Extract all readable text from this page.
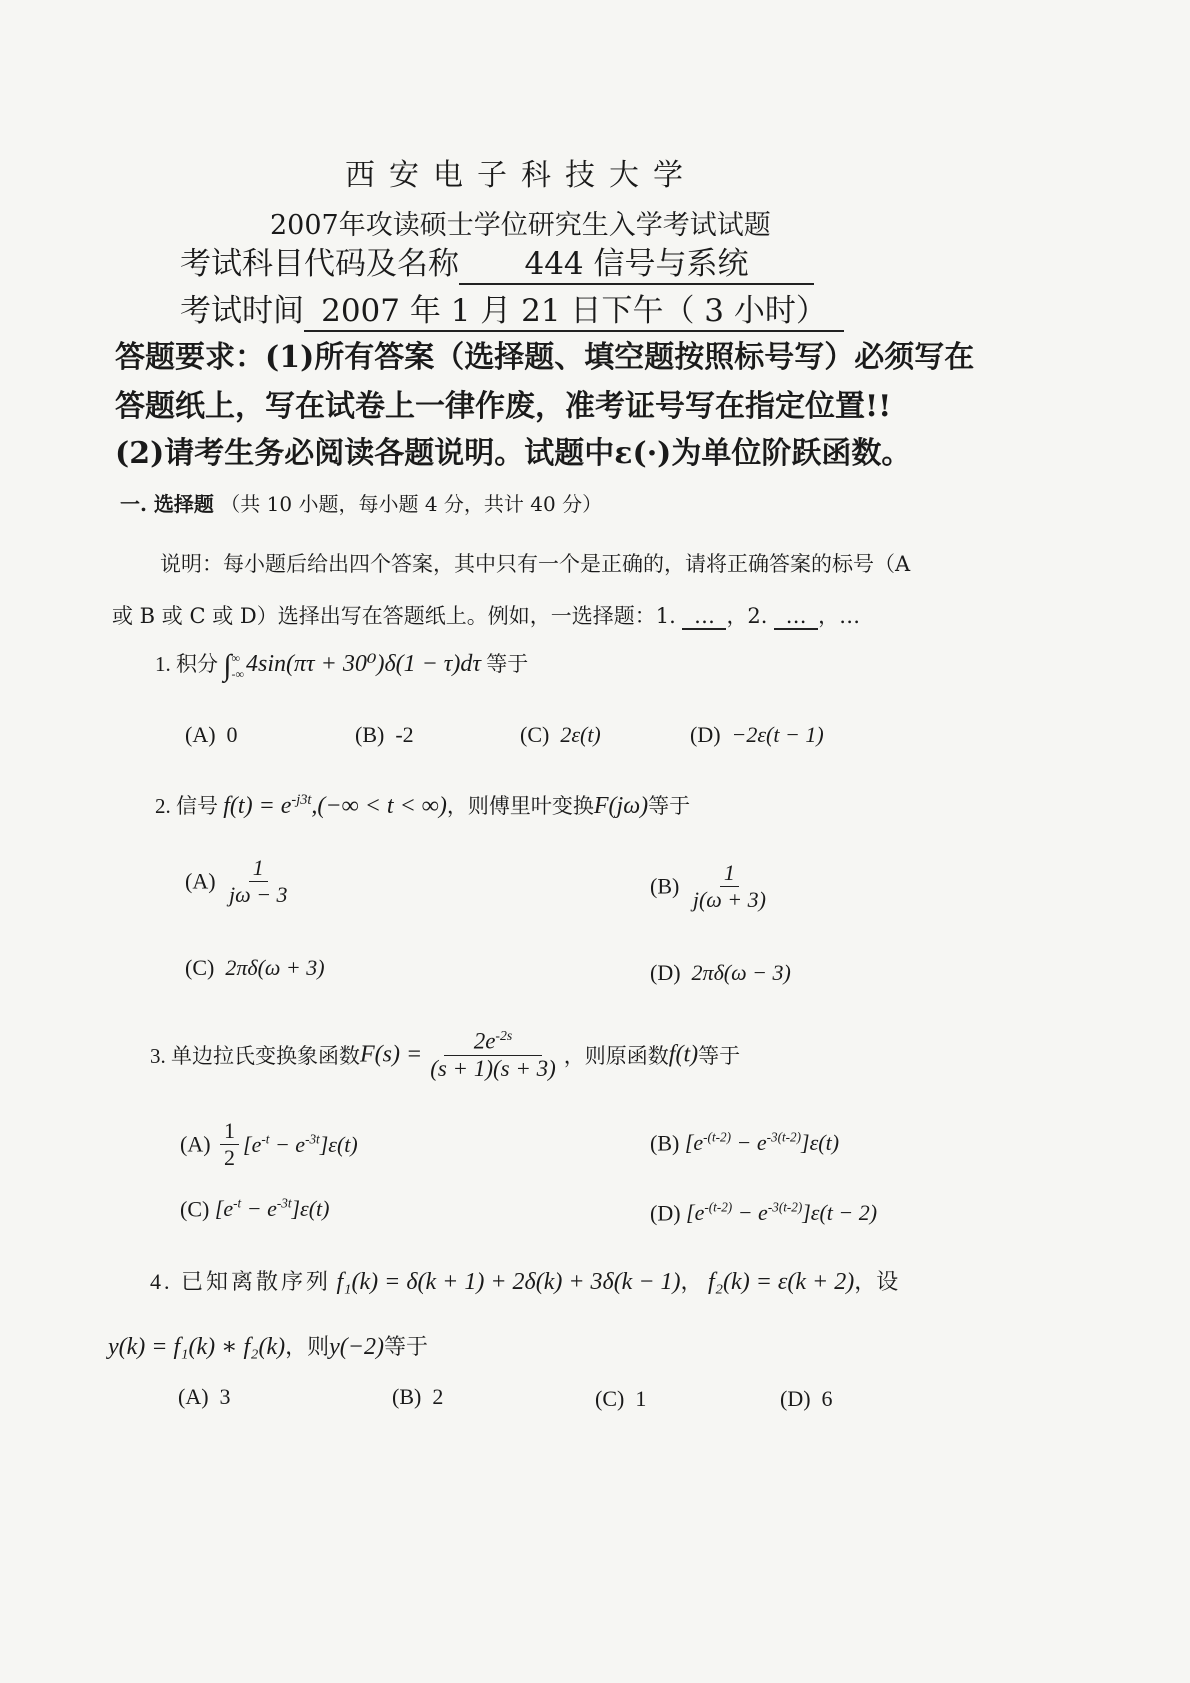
西安电子科技大学
2007年攻读硕士学位研究生入学考试试题
考试科目代码及名称 444 信号与系统
考试时间 2007 年 1 月 21 日下午（ 3 小时）
答题要求：(1)所有答案（选择题、填空题按照标号写）必须写在
答题纸上，写在试卷上一律作废，准考证号写在指定位置!!
(2)请考生务必阅读各题说明。试题中ε(·)为单位阶跃函数。
一. 选择题 （共 10 小题，每小题 4 分，共计 40 分）
说明：每小题后给出四个答案，其中只有一个是正确的，请将正确答案的标号（A
或 B 或 C 或 D）选择出写在答题纸上。例如，一选择题：1. … ，2. … ，…
1. 积分 ∫ ∞
-∞ 4sin(πτ + 30⁰)δ(1 − τ)dτ 等于
(A) 0	(B) -2	(C) 2ε(t)	(D) −2ε(t − 1)
2. 信号 $f(t) = e^{-j3t},(-\infty < t$ < ∞)，则傅里叶变换F(jω)等于
$(A) \frac{1}{j\omega - 3}$	$(B) \frac{1}{j(\omega + 3)}$
(C) 2πδ(ω + 3)	(D) 2πδ(ω − 3)
3. 单边拉氏变换象函数$F(s) = \frac{2e^{-2s}}{(s + 1)(s + 3)}$ ，则原函数f(t)等于
$(A) \frac{1}{2} [e^{-t} - e^{-3t}]\varepsilon(t)$	(B) $[e^{-(t-2)} - e^{-3(t-2)}]\varepsilon(t)$
(C) $[e^{-t} - e^{-3t}]\varepsilon(t)$	(D) $[e^{-(t-2)} - e^{-3(t-2)}]\varepsilon(t - 2)$
4. 已知离散序列 f₁(k) = δ(k + 1) + 2δ(k) + 3δ(k − 1)， f₂(k) = ε(k + 2)，设
y(k) = f₁(k) ∗ f₂(k)，则y(−2)等于
(A) 3	(B) 2	(C) 1	(D) 6
